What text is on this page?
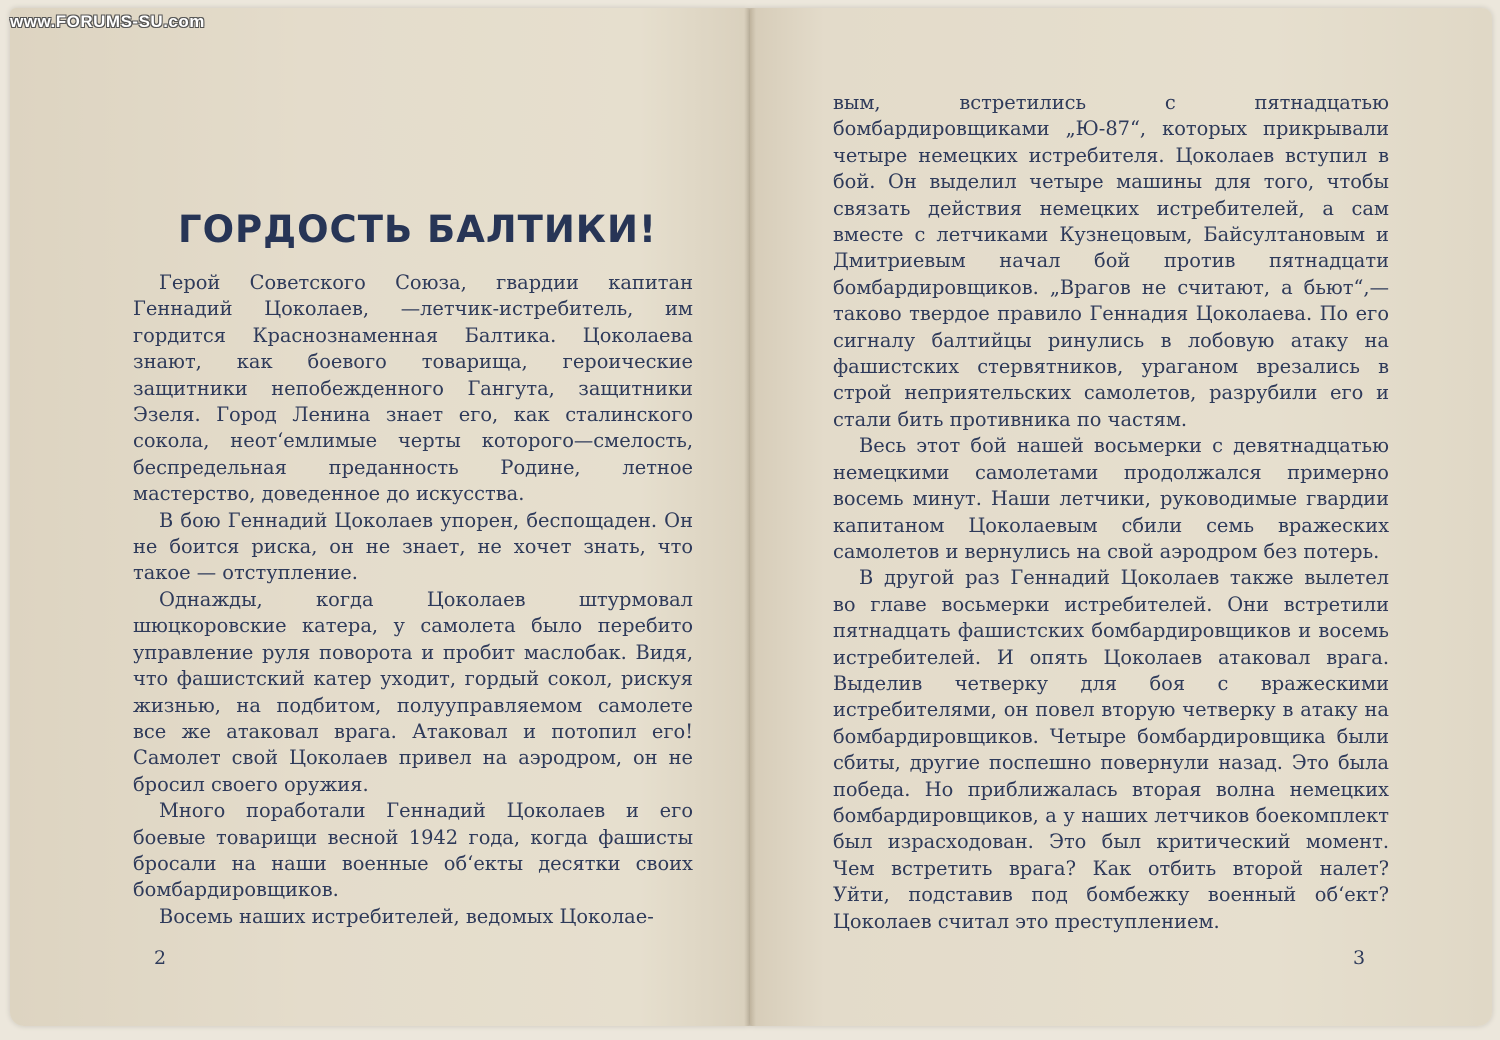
ГОРДОСТЬ БАЛТИКИ!

Герой Советского Союза, гвардии капитан Геннадий Цоколаев, —летчик-истребитель, им гордится Краснознаменная Балтика. Цоколаева знают, как боевого товарища, героические защитники непобежденного Гангута, защитники Эзеля. Город Ленина знает его, как сталинского сокола, неот‘емлимые черты которого—смелость, беспредельная преданность Родине, летное мастерство, доведенное до искусства.

В бою Геннадий Цоколаев упорен, беспощаден. Он не боится риска, он не знает, не хочет знать, что такое — отступление.

Однажды, когда Цоколаев штурмовал шюцкоровские катера, у самолета было перебито управление руля поворота и пробит маслобак. Видя, что фашистский катер уходит, гордый сокол, рискуя жизнью, на подбитом, полууправляемом самолете все же атаковал врага. Атаковал и потопил его! Самолет свой Цоколаев привел на аэродром, он не бросил своего оружия.

Много поработали Геннадий Цоколаев и его боевые товарищи весной 1942 года, когда фашисты бросали на наши военные об‘екты десятки своих бомбардировщиков.

Восемь наших истребителей, ведомых Цоколае-

вым, встретились с пятнадцатью бомбардировщиками „Ю-87“, которых прикрывали четыре немецких истребителя. Цоколаев вступил в бой. Он выделил четыре машины для того, чтобы связать действия немецких истребителей, а сам вместе с летчиками Кузнецовым, Байсултановым и Дмитриевым начал бой против пятнадцати бомбардировщиков. „Врагов не считают, а бьют“,—таково твердое правило Геннадия Цоколаева. По его сигналу балтийцы ринулись в лобовую атаку на фашистских стервятников, ураганом врезались в строй неприятельских самолетов, разрубили его и стали бить противника по частям.

Весь этот бой нашей восьмерки с девятнадцатью немецкими самолетами продолжался примерно восемь минут. Наши летчики, руководимые гвардии капитаном Цоколаевым сбили семь вражеских самолетов и вернулись на свой аэродром без потерь.

В другой раз Геннадий Цоколаев также вылетел во главе восьмерки истребителей. Они встретили пятнадцать фашистских бомбардировщиков и восемь истребителей. И опять Цоколаев атаковал врага. Выделив четверку для боя с вражескими истребителями, он повел вторую четверку в атаку на бомбардировщиков. Четыре бомбардировщика были сбиты, другие поспешно повернули назад. Это была победа. Но приближалась вторая волна немецких бомбардировщиков, а у наших летчиков боекомплект был израсходован. Это был критический момент. Чем встретить врага? Как отбить второй налет? Уйти, подставив под бомбежку военный об‘ект? Цоколаев считал это преступлением.

2	3
www.FORUMS-SU.com
